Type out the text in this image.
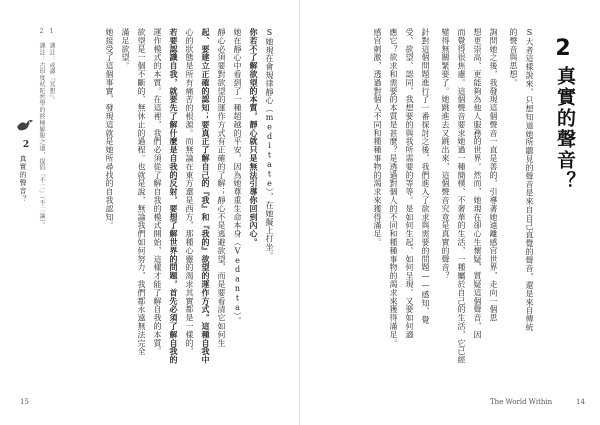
2
真實的聲音？
1 譯註：或譯『冥想』。
2 譯註：古印度吠陀哲學的終極解脫之道，提倡『不二』（不二論）。	S她現在會規律靜心（meditate），在她擬上打坐。
你若不了解欲望的本質，靜心就只是無法引導你回到內心。
她在靜心中看到了一種超越的平安，因為她尊重生命本身（Vedanta）。
靜心必須要對欲望的運作方式有正確的了解；靜心不是逃避欲望，而是要看清它如何生
起、要建立正確的認知；要真正了解自己的『我』和『我的』欲望的運作方式。這種自我中
心的狀態是所有痛苦的根源。而無論在東方還是西方，那種心靈的渴求其實都是一樣的，
若要認識自我，就要先了解什麼是自我的反射，要想了解世界的問題，首先必須了解自我的
運作模式的本質。在這裡，我們必須從了解自我的模式開始，這樣才能了解自我的本質。
欲望是一個不斷的、無休止的過程。也就是說，無論我們如何努力，我們都永遠無法完全
滿足欲望。
她接受了這個事實，發現這就是她所尋找的自我認知。
15
2
真實的聲音？
S大者這樣說來，只想知道她所聽見的聲音是來自自己直覺的聲音，還是來自傳統
的聲音與思想。
詢問她之後，我發現這個聲音一直是善的，引導著她遠離感官世界，走向一個思
想更崇高、更能夠為他人服務的世界。然而，她現在卻心生懷疑，質疑這個聲音，因
而覺得很焦慮。這個聲音要求她過一種簡樸、不奢華的生活，一種屬於自己的生活，它已經
變得無關緊要了。她跳進去又跳出來，這個聲音究竟是真實的聲音？
針對這個問題進行了一番探討之後，我們進入了欲求與需要的問題——感知、覺
受、欲望、認同、我想要的與我所需要的等等。是如何生起、如何呈現、又要如何適
應它？欲求和需要的本質是甚麼？是透過對個人的不同和種種事物的渴求來獲得滿足。
感官刺激，透過對個人不同和種種事物的渴求來獲得滿足。
The World Within	14
